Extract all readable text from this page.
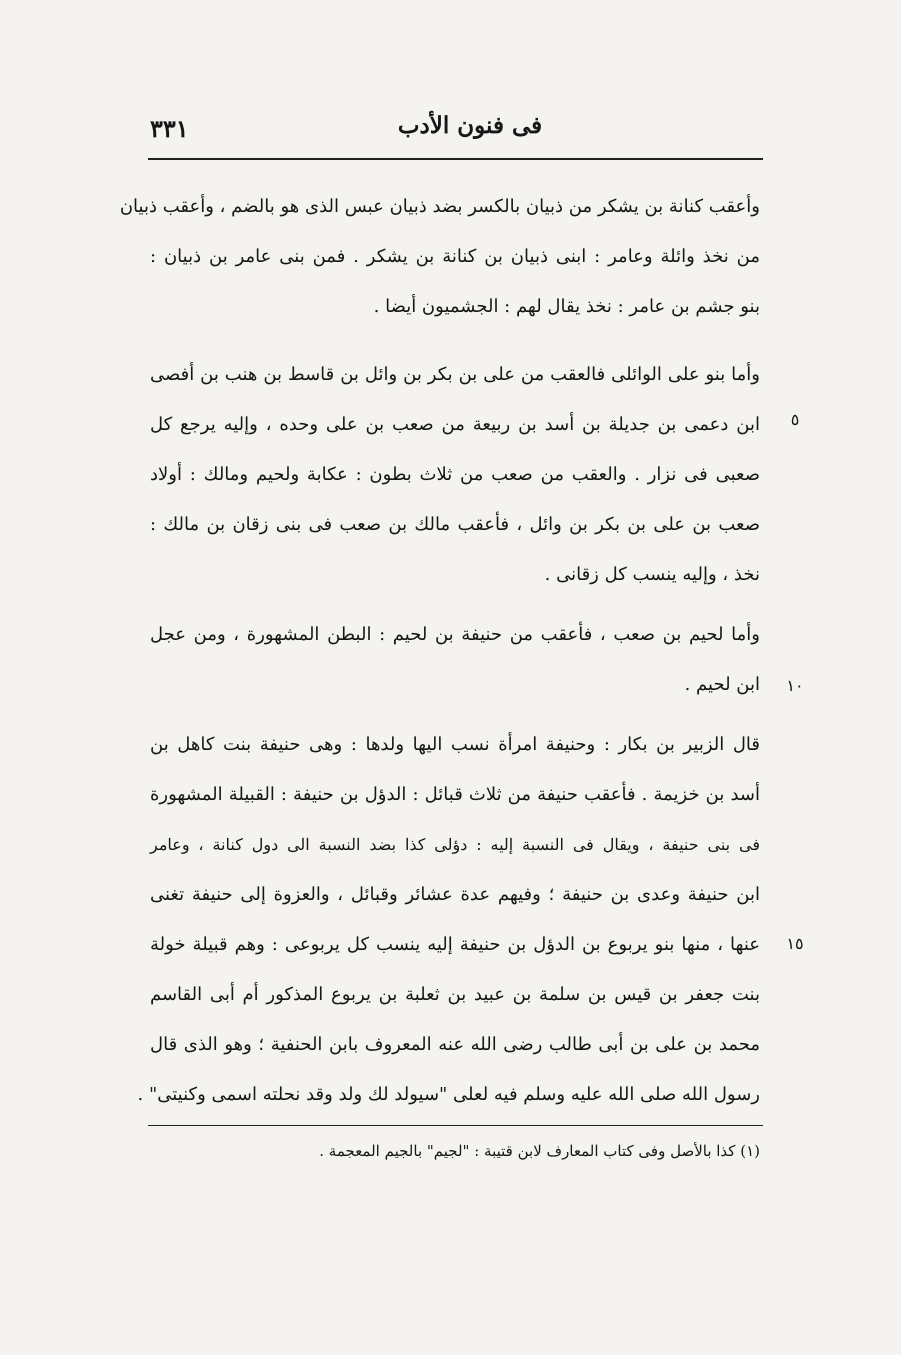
فى فنون الأدب
٣٣١
وأعقب كنانة بن يشكر من ذبيان بالكسر بضد ذبيان عبس الذى هو بالضم ، وأعقب ذبيان
من نخذ وائلة وعامر : ابنى ذبيان بن كنانة بن يشكر . فمن بنى عامر بن ذبيان :
بنو جشم بن عامر : نخذ يقال لهم : الجشميون أيضا .
وأما بنو على الوائلى فالعقب من على بن بكر بن وائل بن قاسط بن هنب بن أفصى
ابن دعمى بن جديلة بن أسد بن ربيعة من صعب بن على وحده ، وإليه يرجع كل
صعبى فى نزار . والعقب من صعب من ثلاث بطون : عكابة ولحيم ومالك : أولاد
صعب بن على بن بكر بن وائل ، فأعقب مالك بن صعب فى بنى زقان بن مالك :
نخذ ، وإليه ينسب كل زقانى .
وأما لحيم بن صعب ، فأعقب من حنيفة بن لحيم : البطن المشهورة ، ومن عجل
ابن لحيم .
قال الزبير بن بكار : وحنيفة امرأة نسب اليها ولدها : وهى حنيفة بنت كاهل بن
أسد بن خزيمة . فأعقب حنيفة من ثلاث قبائل : الدؤل بن حنيفة : القبيلة المشهورة
فى بنى حنيفة ، ويقال فى النسبة إليه : دؤلى كذا بضد النسبة الى دول كنانة ، وعامر
ابن حنيفة وعدى بن حنيفة ؛ وفيهم عدة عشائر وقبائل ، والعزوة إلى حنيفة تغنى
عنها ، منها بنو يربوع بن الدؤل بن حنيفة إليه ينسب كل يربوعى : وهم قبيلة خولة
بنت جعفر بن قيس بن سلمة بن عبيد بن ثعلبة بن يربوع المذكور أم أبى القاسم
محمد بن على بن أبى طالب رضى الله عنه المعروف بابن الحنفية ؛ وهو الذى قال
رسول الله صلى الله عليه وسلم فيه لعلى "سيولد لك ولد وقد نحلته اسمى وكنيتى" .
٥
١٠
١٥
(١) كذا بالأصل وفى كتاب المعارف لابن قتيبة : "لجيم" بالجيم المعجمة .
